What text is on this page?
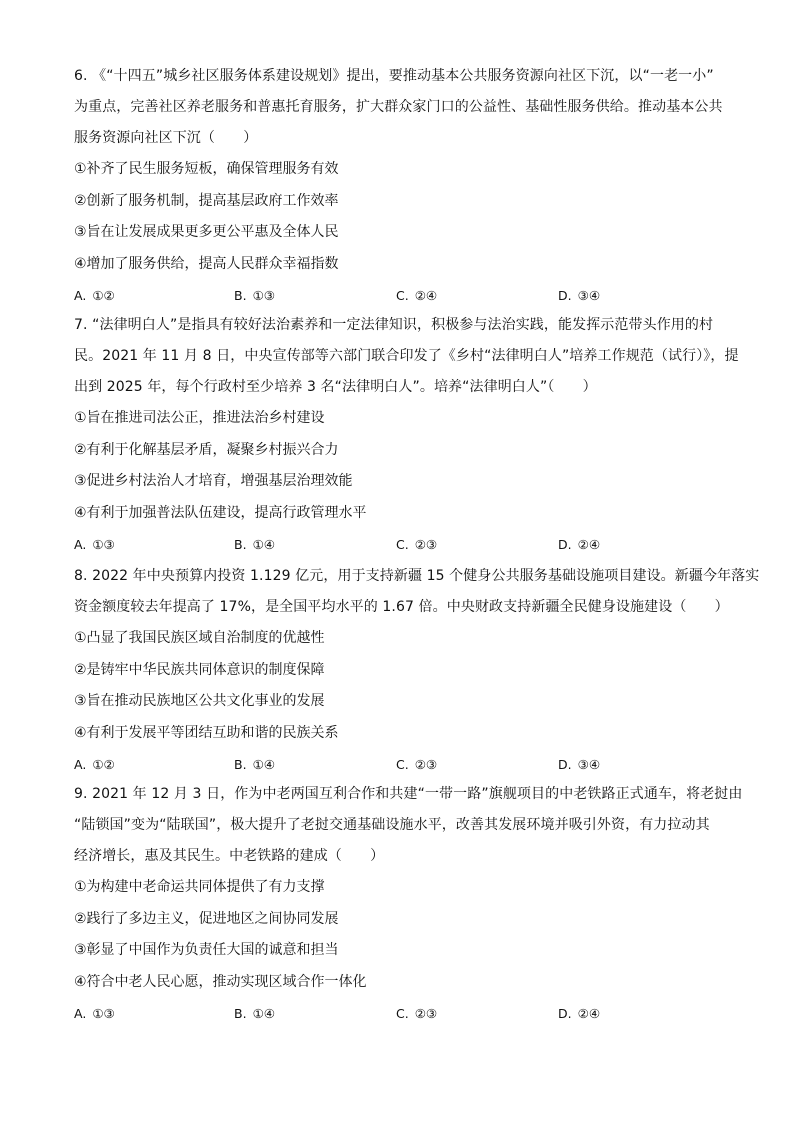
6. 《“十四五”城乡社区服务体系建设规划》提出，要推动基本公共服务资源向社区下沉，以“一老一小”
为重点，完善社区养老服务和普惠托育服务，扩大群众家门口的公益性、基础性服务供给。推动基本公共
服务资源向社区下沉（　　）
①补齐了民生服务短板，确保管理服务有效
②创新了服务机制，提高基层政府工作效率
③旨在让发展成果更多更公平惠及全体人民
④增加了服务供给，提高人民群众幸福指数
A. ①②	B. ①③	C. ②④	D. ③④
7. “法律明白人”是指具有较好法治素养和一定法律知识，积极参与法治实践，能发挥示范带头作用的村
民。2021 年 11 月 8 日，中央宣传部等六部门联合印发了《乡村“法律明白人”培养工作规范（试行）》，提
出到 2025 年，每个行政村至少培养 3 名“法律明白人”。培养“法律明白人”（　　）
①旨在推进司法公正，推进法治乡村建设
②有利于化解基层矛盾，凝聚乡村振兴合力
③促进乡村法治人才培育，增强基层治理效能
④有利于加强普法队伍建设，提高行政管理水平
A. ①③	B. ①④	C. ②③	D. ②④
8. 2022 年中央预算内投资 1.129 亿元，用于支持新疆 15 个健身公共服务基础设施项目建设。新疆今年落实
资金额度较去年提高了 17%，是全国平均水平的 1.67 倍。中央财政支持新疆全民健身设施建设（　　）
①凸显了我国民族区域自治制度的优越性
②是铸牢中华民族共同体意识的制度保障
③旨在推动民族地区公共文化事业的发展
④有利于发展平等团结互助和谐的民族关系
A. ①②	B. ①④	C. ②③	D. ③④
9. 2021 年 12 月 3 日，作为中老两国互利合作和共建“一带一路”旗舰项目的中老铁路正式通车，将老挝由
“陆锁国”变为“陆联国”，极大提升了老挝交通基础设施水平，改善其发展环境并吸引外资，有力拉动其
经济增长，惠及其民生。中老铁路的建成（　　）
①为构建中老命运共同体提供了有力支撑
②践行了多边主义，促进地区之间协同发展
③彰显了中国作为负责任大国的诚意和担当
④符合中老人民心愿，推动实现区域合作一体化
A. ①③	B. ①④	C. ②③	D. ②④
